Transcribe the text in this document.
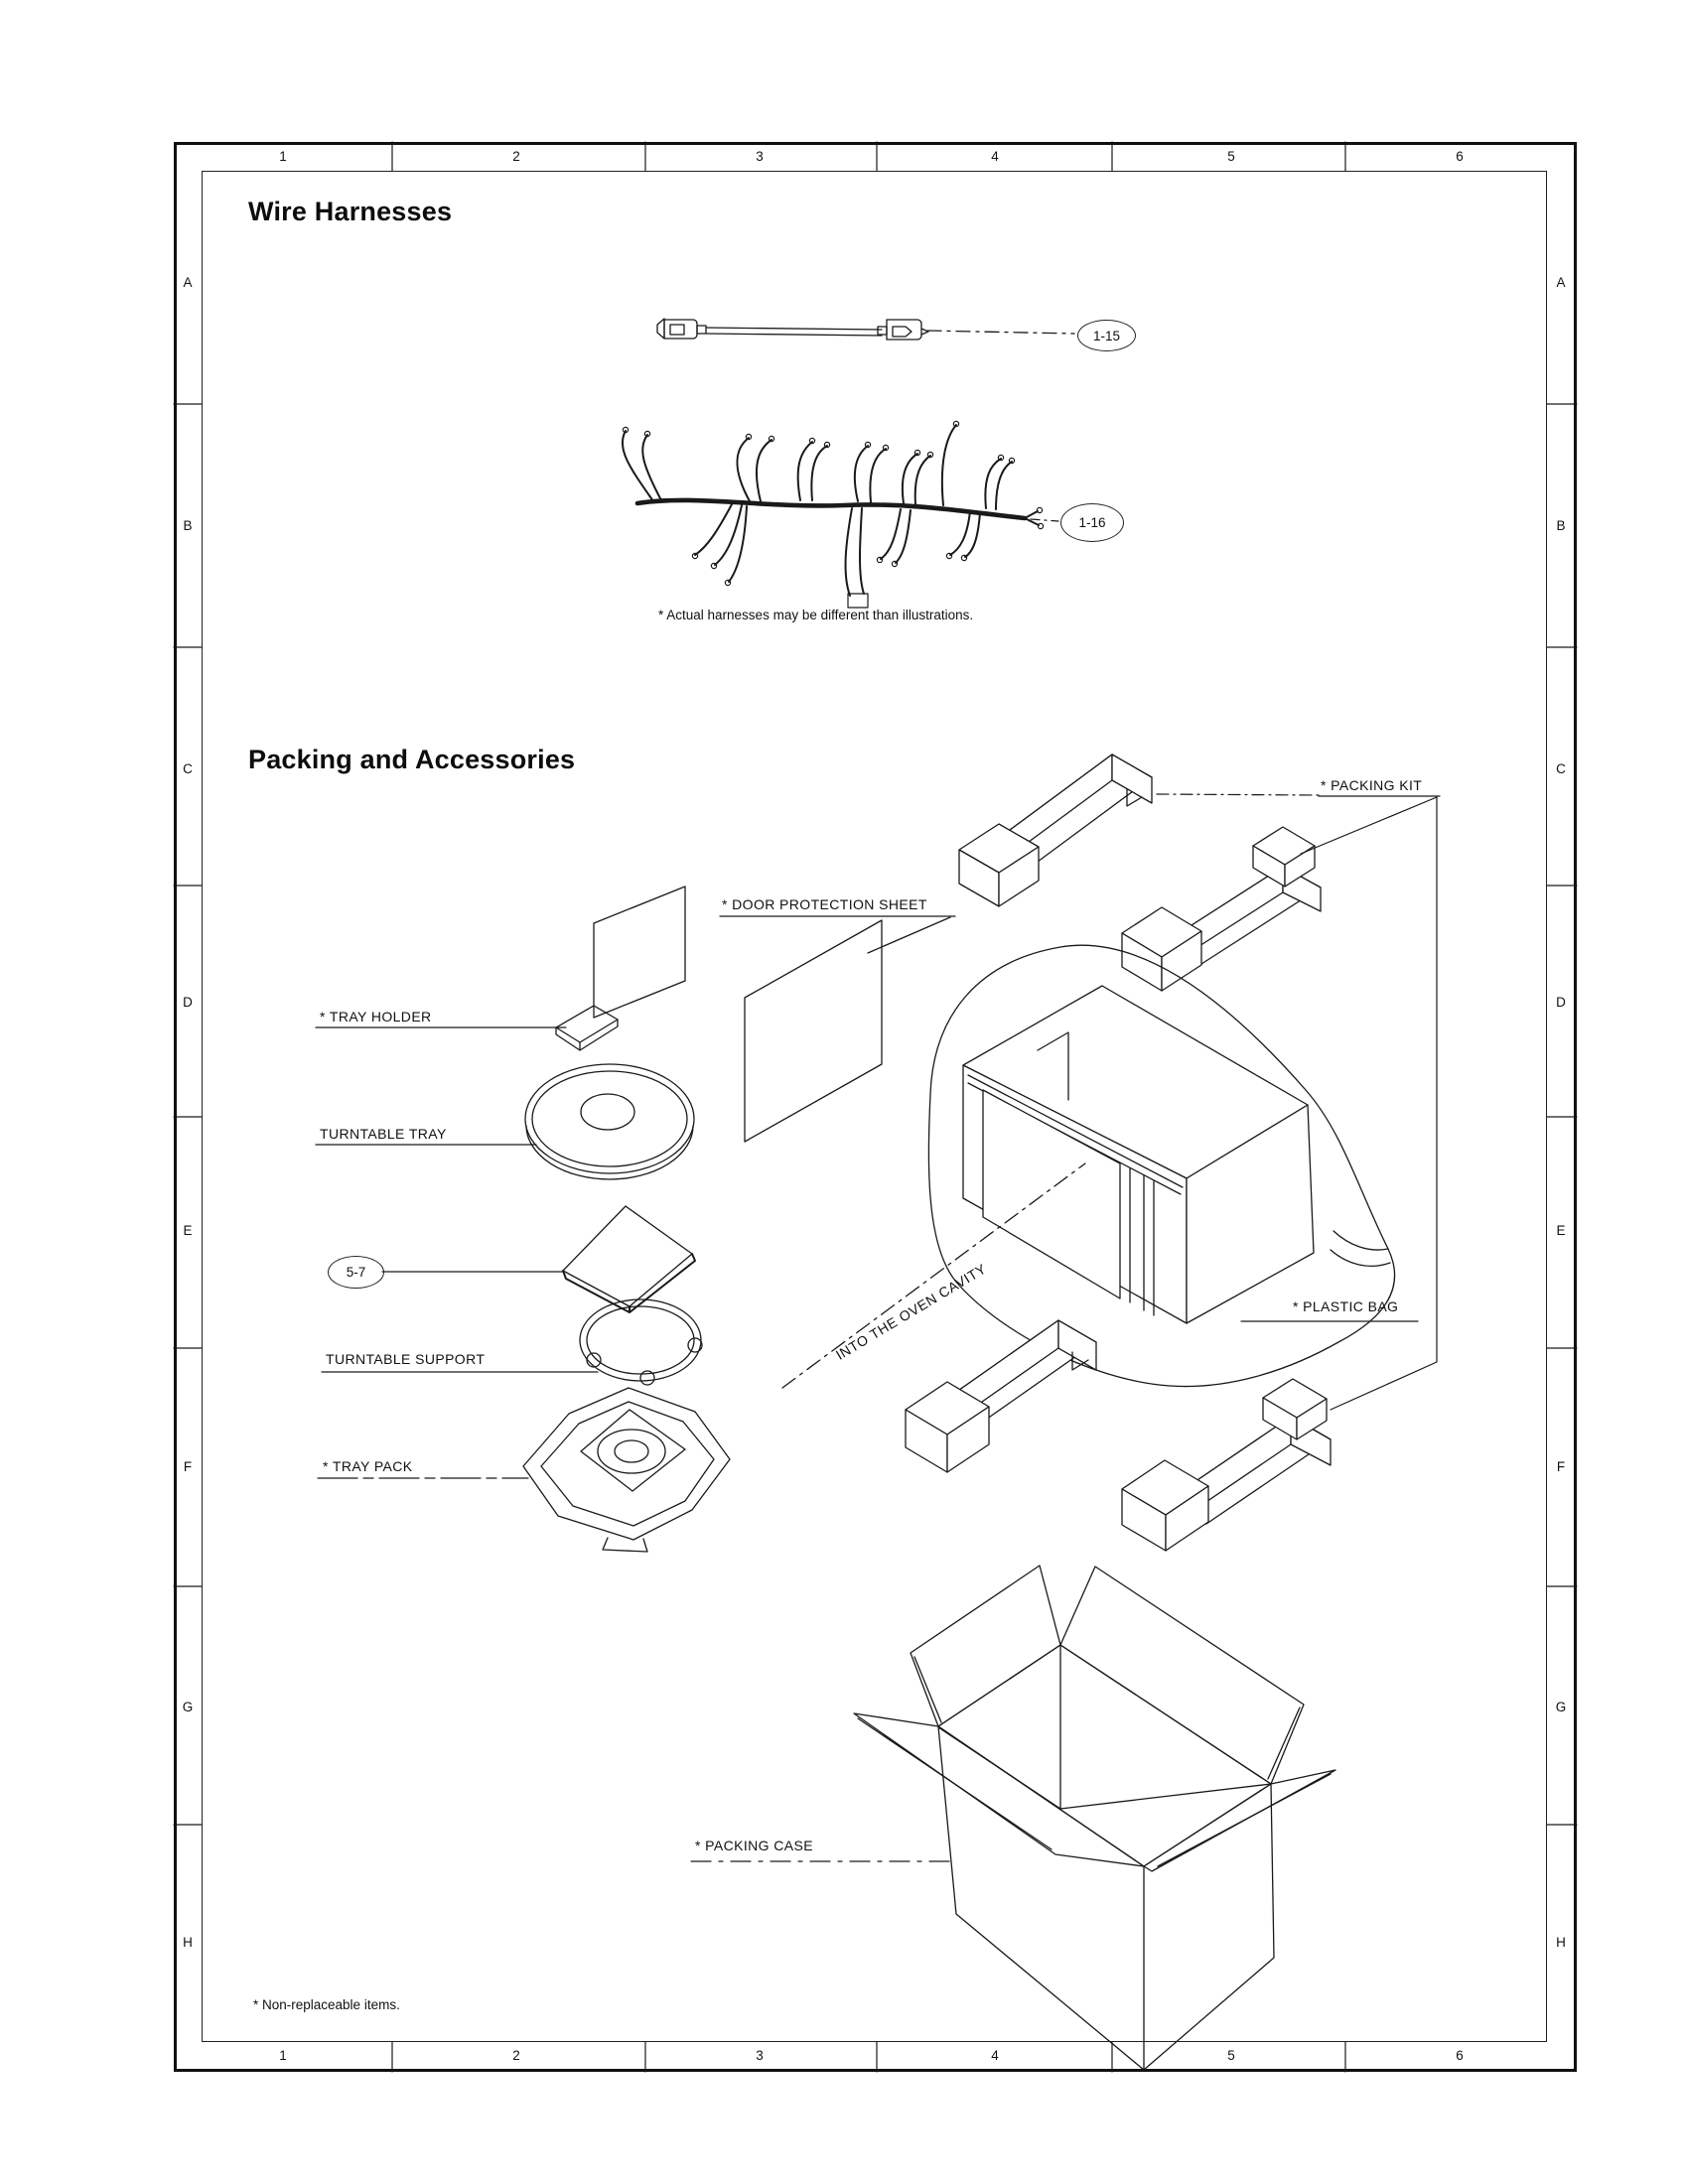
1	2	3	4	5	6
1	2	3	4	5	6
A
B
C
D
E
F
G
H
A
B
C
D
E
F
G
H
Wire Harnesses
1-15
1-16
* Actual harnesses may be different than illustrations.
Packing and Accessories
* PACKING KIT
* DOOR PROTECTION SHEET
* TRAY HOLDER
TURNTABLE TRAY
5-7
TURNTABLE SUPPORT
* TRAY PACK
INTO THE OVEN CAVITY	* PLASTIC BAG
* PACKING CASE
* Non-replaceable items.
